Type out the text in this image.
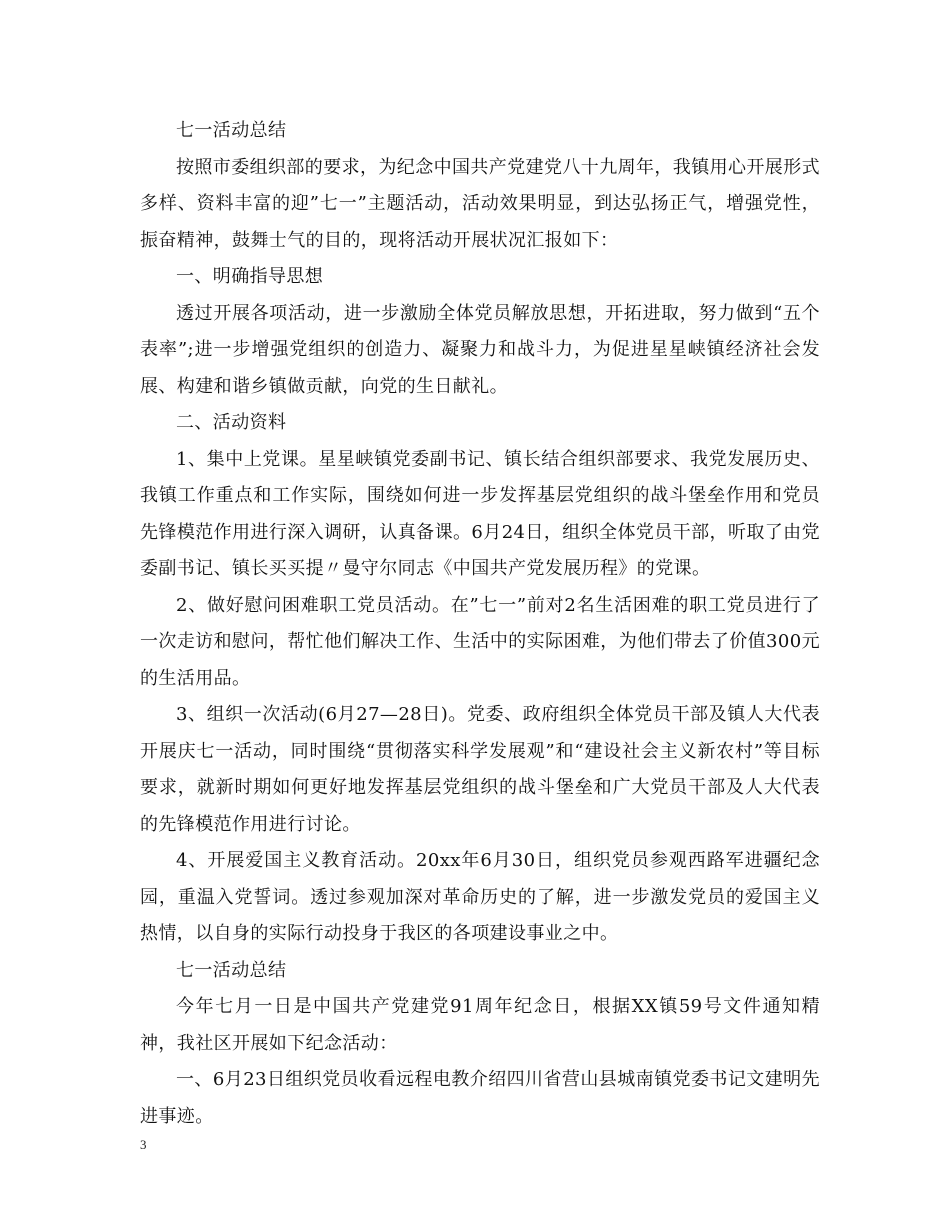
七一活动总结

按照市委组织部的要求，为纪念中国共产党建党八十九周年，我镇用心开展形式多样、资料丰富的迎”七一”主题活动，活动效果明显，到达弘扬正气，增强党性，振奋精神，鼓舞士气的目的，现将活动开展状况汇报如下：

一、明确指导思想

透过开展各项活动，进一步激励全体党员解放思想，开拓进取，努力做到“五个表率”;进一步增强党组织的创造力、凝聚力和战斗力，为促进星星峡镇经济社会发展、构建和谐乡镇做贡献，向党的生日献礼。

二、活动资料

1、集中上党课。星星峡镇党委副书记、镇长结合组织部要求、我党发展历史、我镇工作重点和工作实际，围绕如何进一步发挥基层党组织的战斗堡垒作用和党员先锋模范作用进行深入调研，认真备课。6月24日，组织全体党员干部，听取了由党委副书记、镇长买买提〃曼守尔同志《中国共产党发展历程》的党课。

2、做好慰问困难职工党员活动。在”七一”前对2名生活困难的职工党员进行了一次走访和慰问，帮忙他们解决工作、生活中的实际困难，为他们带去了价值300元的生活用品。

3、组织一次活动(6月27—28日)。党委、政府组织全体党员干部及镇人大代表开展庆七一活动，同时围绕“贯彻落实科学发展观”和“建设社会主义新农村”等目标要求，就新时期如何更好地发挥基层党组织的战斗堡垒和广大党员干部及人大代表的先锋模范作用进行讨论。

4、开展爱国主义教育活动。20xx年6月30日，组织党员参观西路军进疆纪念园，重温入党誓词。透过参观加深对革命历史的了解，进一步激发党员的爱国主义热情，以自身的实际行动投身于我区的各项建设事业之中。

七一活动总结

今年七月一日是中国共产党建党91周年纪念日，根据XX镇59号文件通知精神，我社区开展如下纪念活动：

一、6月23日组织党员收看远程电教介绍四川省营山县城南镇党委书记文建明先进事迹。

3
